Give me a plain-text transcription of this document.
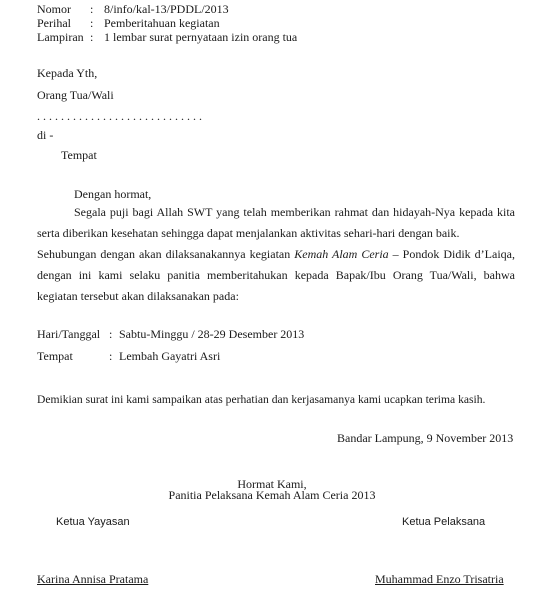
Nomor : 8/info/kal-13/PDDL/2013
Perihal : Pemberitahuan kegiatan
Lampiran : 1 lembar surat pernyataan izin orang tua
Kepada Yth,
Orang Tua/Wali
. . . . . . . . . . . . . . . . . . . . . . . . . . . .
di -
Tempat
Dengan hormat,
Segala puji bagi Allah SWT yang telah memberikan rahmat dan hidayah-Nya kepada kita serta diberikan kesehatan sehingga dapat menjalankan aktivitas sehari-hari dengan baik.
Sehubungan dengan akan dilaksanakannya kegiatan Kemah Alam Ceria – Pondok Didik d’Laiqa, dengan ini kami selaku panitia memberitahukan kepada Bapak/Ibu Orang Tua/Wali, bahwa kegiatan tersebut akan dilaksanakan pada:
Hari/Tanggal : Sabtu-Minggu / 28-29 Desember 2013
Tempat	: Lembah Gayatri Asri
Demikian surat ini kami sampaikan atas perhatian dan kerjasamanya kami ucapkan terima kasih.
Bandar Lampung, 9 November 2013
Hormat Kami,
Panitia Pelaksana Kemah Alam Ceria 2013
Ketua Yayasan	Ketua Pelaksana
Karina Annisa Pratama	Muhammad Enzo Trisatria
